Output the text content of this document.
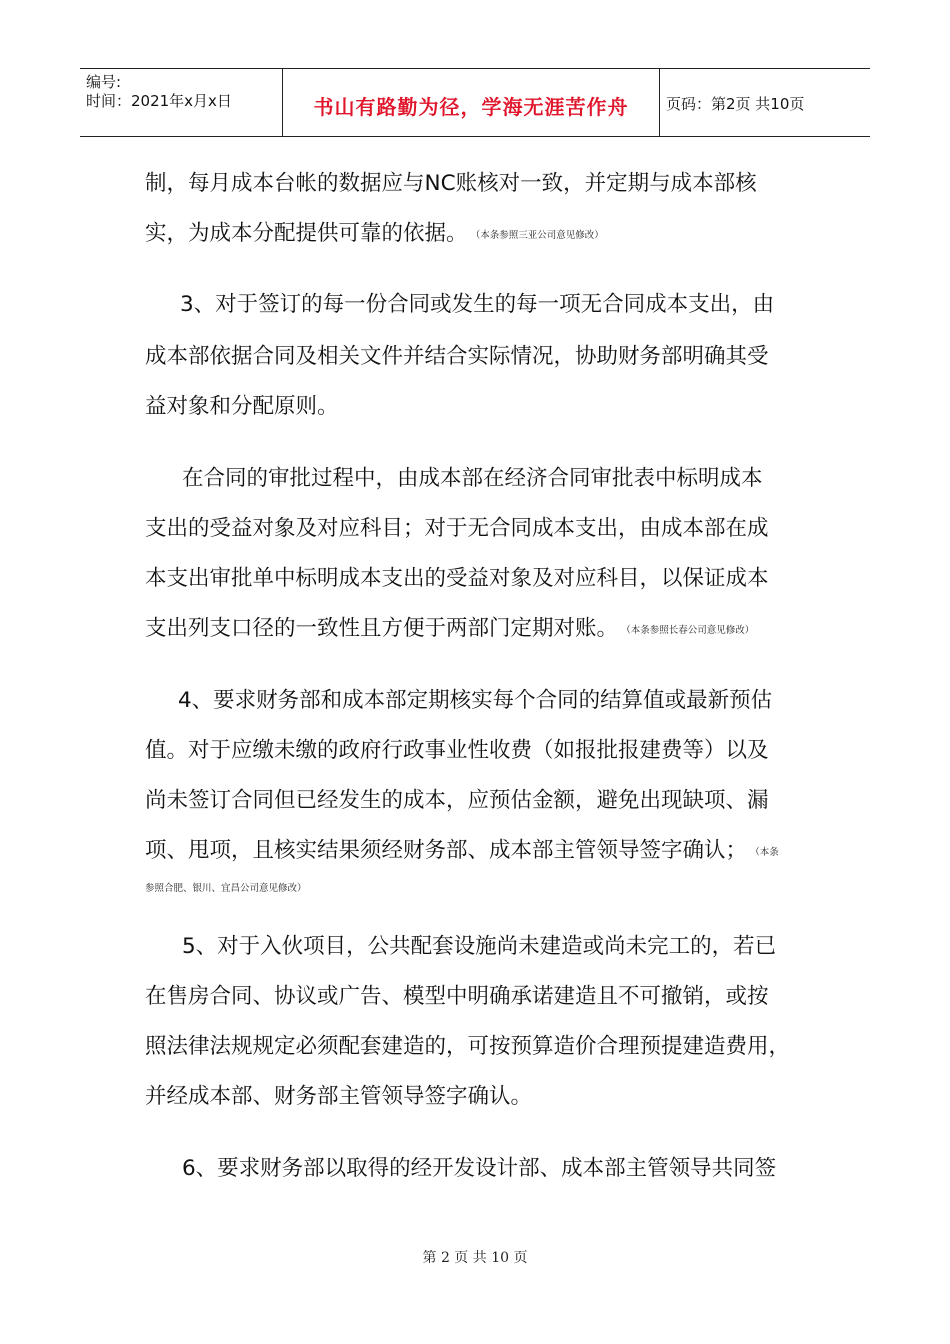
编号:
时间：2021年x月x日	书山有路勤为径，学海无涯苦作舟	页码：第2页 共10页
制，每月成本台帐的数据应与NC账核对一致，并定期与成本部核
实，为成本分配提供可靠的依据。 （本条参照三亚公司意见修改）
3、对于签订的每一份合同或发生的每一项无合同成本支出，由
成本部依据合同及相关文件并结合实际情况，协助财务部明确其受
益对象和分配原则。
在合同的审批过程中，由成本部在经济合同审批表中标明成本
支出的受益对象及对应科目；对于无合同成本支出，由成本部在成
本支出审批单中标明成本支出的受益对象及对应科目，以保证成本
支出列支口径的一致性且方便于两部门定期对账。 （本条参照长春公司意见修改）
4、要求财务部和成本部定期核实每个合同的结算值或最新预估
值。对于应缴未缴的政府行政事业性收费（如报批报建费等）以及
尚未签订合同但已经发生的成本，应预估金额，避免出现缺项、漏
项、甩项，且核实结果须经财务部、成本部主管领导签字确认； （本条
参照合肥、银川、宜昌公司意见修改）
5、对于入伙项目，公共配套设施尚未建造或尚未完工的，若已
在售房合同、协议或广告、模型中明确承诺建造且不可撤销，或按
照法律法规规定必须配套建造的，可按预算造价合理预提建造费用，
并经成本部、财务部主管领导签字确认。
6、要求财务部以取得的经开发设计部、成本部主管领导共同签
第 2 页 共 10 页
